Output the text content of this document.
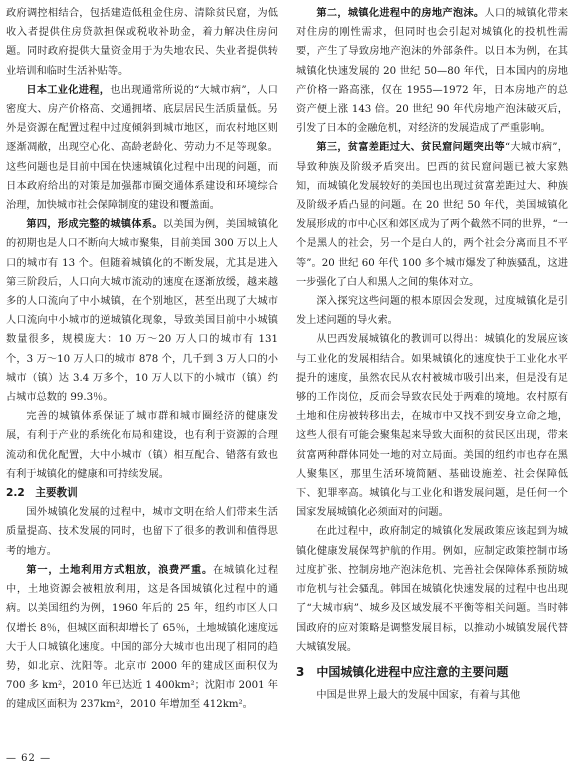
政府调控相结合，包括建造低租金住房、清除贫民窟，为低收入者提供住房贷款担保或税收补助金，着力解决住房问题。同时政府提供大量资金用于为失地农民、失业者提供转业培训和临时生活补贴等。

日本工业化进程，也出现通常所说的“大城市病”，人口密度大、房产价格高、交通拥堵、底层居民生活质量低。另外是资源在配置过程中过度倾斜到城市地区，而农村地区则逐渐凋敝，出现空心化、高龄老龄化、劳动力不足等现象。这些问题也是目前中国在快速城镇化过程中出现的问题，而日本政府给出的对策是加强都市圈交通体系建设和环境综合治理，加快城市社会保障制度的建设和覆盖面。

第四，形成完整的城镇体系。以美国为例，美国城镇化的初期也是人口不断向大城市聚集，目前美国 300 万以上人口的城市有 13 个。但随着城镇化的不断发展，尤其是进入第三阶段后，人口向大城市流动的速度在逐渐放缓，越来越多的人口流向了中小城镇，在个别地区，甚至出现了大城市人口流向中小城市的逆城镇化现象，导致美国目前中小城镇数量很多，规模庞大：10 万～20 万人口的城市有 131 个，3 万～10 万人口的城市 878 个，几千到 3 万人口的小城市（镇）达 3.4 万多个，10 万人以下的小城市（镇）约占城市总数的 99.3％。

完善的城镇体系保证了城市群和城市圈经济的健康发展，有利于产业的系统化布局和建设，也有利于资源的合理流动和优化配置，大中小城市（镇）相互配合、错落有致也有利于城镇化的健康和可持续发展。

2.2　主要教训

国外城镇化发展的过程中，城市文明在给人们带来生活质量提高、技术发展的同时，也留下了很多的教训和值得思考的地方。

第一，土地利用方式粗放，浪费严重。在城镇化过程中，土地资源会被粗放利用，这是各国城镇化过程中的通病。以美国纽约为例，1960 年后的 25 年，纽约市区人口仅增长 8％，但城区面积却增长了 65％，土地城镇化速度远大于人口城镇化速度。中国的部分大城市也出现了相同的趋势，如北京、沈阳等。北京市 2000 年的建成区面积仅为 700 多 km²，2010 年已达近 1 400km²；沈阳市 2001 年的建成区面积为 237km²，2010 年增加至 412km²。

第二，城镇化进程中的房地产泡沫。人口的城镇化带来对住房的刚性需求，但同时也会引起对城镇化的投机性需要，产生了导致房地产泡沫的外部条件。以日本为例，在其城镇化快速发展的 20 世纪 50—80 年代，日本国内的房地产价格一路高涨，仅在 1955—1972 年，日本房地产的总资产便上涨 143 倍。20 世纪 90 年代房地产泡沫破灭后，引发了日本的金融危机，对经济的发展造成了严重影响。

第三，贫富差距过大、贫民窟问题突出等“大城市病”，导致种族及阶级矛盾突出。巴西的贫民窟问题已被大家熟知，而城镇化发展较好的美国也出现过贫富差距过大、种族及阶级矛盾凸显的问题。在 20 世纪 50 年代，美国城镇化发展形成的市中心区和郊区成为了两个截然不同的世界，“一个是黑人的社会，另一个是白人的，两个社会分离而且不平等”。20 世纪 60 年代 100 多个城市爆发了种族骚乱，这进一步强化了白人和黑人之间的集体对立。

深入探究这些问题的根本原因会发现，过度城镇化是引发上述问题的导火索。

从巴西发展城镇化的教训可以得出：城镇化的发展应该与工业化的发展相结合。如果城镇化的速度快于工业化水平提升的速度，虽然农民从农村被城市吸引出来，但是没有足够的工作岗位，反而会导致农民处于两难的境地。农村原有土地和住房被转移出去，在城市中又找不到安身立命之地，这些人很有可能会聚集起来导致大面积的贫民区出现，带来贫富两种群体同处一地的对立局面。美国的纽约市也存在黑人聚集区，那里生活环境简陋、基础设施差、社会保障低下、犯罪率高。城镇化与工业化和谐发展问题，是任何一个国家发展城镇化必须面对的问题。

在此过程中，政府制定的城镇化发展政策应该起到为城镇化健康发展保驾护航的作用。例如，应制定政策控制市场过度扩张、控制房地产泡沫危机、完善社会保障体系预防城市危机与社会骚乱。韩国在城镇化快速发展的过程中也出现了“大城市病”、城乡及区域发展不平衡等相关问题。当时韩国政府的应对策略是调整发展目标，以推动小城镇发展代替大城镇发展。

3　中国城镇化进程中应注意的主要问题

中国是世界上最大的发展中国家，有着与其他

— 62 —
